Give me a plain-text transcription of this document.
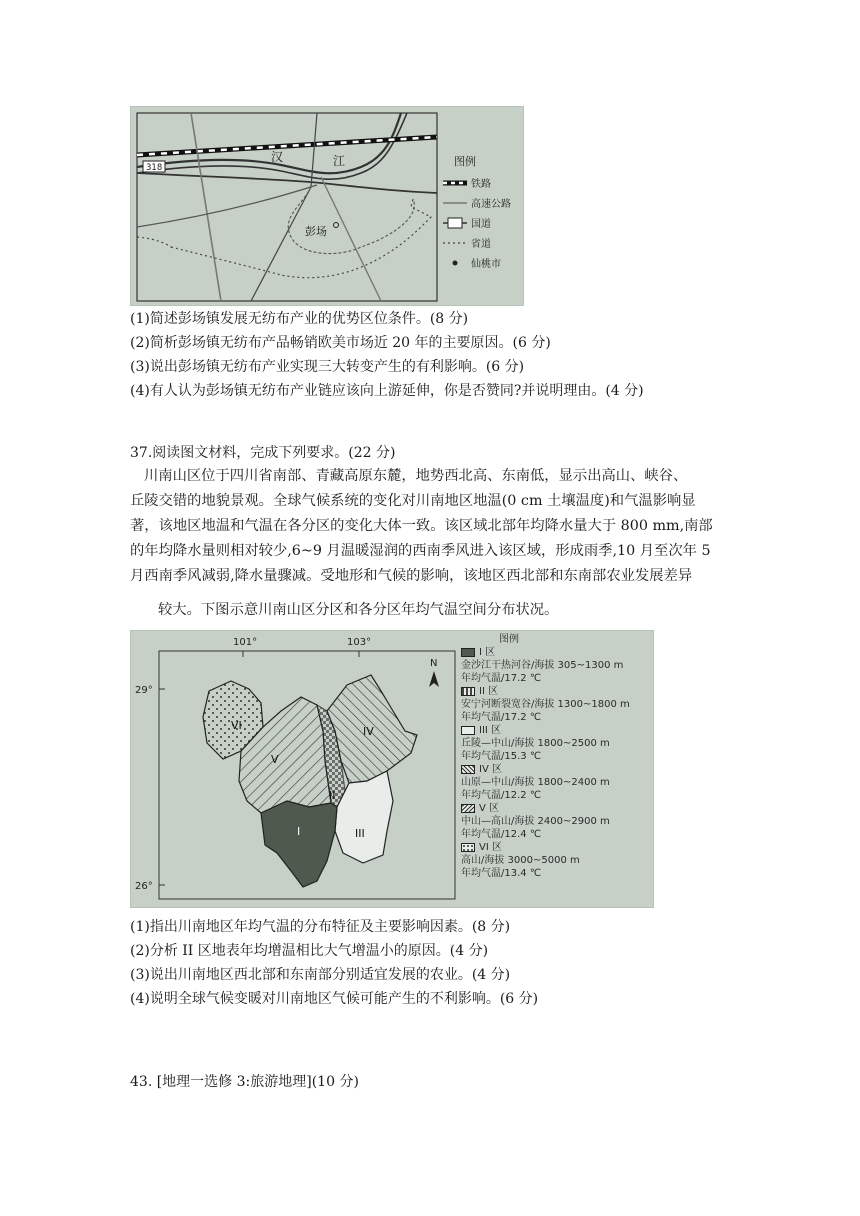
彭场
汉	江
318	图例
铁路
高速公路
国道
省道
仙桃市
(1)简述彭场镇发展无纺布产业的优势区位条件。(8 分)
(2)简析彭场镇无纺布产品畅销欧美市场近 20 年的主要原因。(6 分)
(3)说出彭场镇无纺布产业实现三大转变产生的有利影响。(6 分)
(4)有人认为彭场镇无纺布产业链应该向上游延伸，你是否赞同?并说明理由。(4 分)
37.阅读图文材料，完成下列要求。(22 分)
川南山区位于四川省南部、青藏高原东麓，地势西北高、东南低，显示出高山、峡谷、
丘陵交错的地貌景观。全球气候系统的变化对川南地区地温(0 cm 土壤温度)和气温影响显
著，该地区地温和气温在各分区的变化大体一致。该区域北部年均降水量大于 800 mm,南部
的年均降水量则相对较少,6~9 月温暖湿润的西南季风进入该区域，形成雨季,10 月至次年 5
月西南季风减弱,降水量骤减。受地形和气候的影响，该地区西北部和东南部农业发展差异
较大。下图示意川南山区分区和各分区年均气温空间分布状况。
101°	103°
29°
26°
N
VI
V
II
IV
III
I
图例
I 区
金沙江干热河谷/海拔 305~1300 m
年均气温/17.2 ℃
II 区
安宁河断裂宽谷/海拔 1300~1800 m
年均气温/17.2 ℃
III 区
丘陵—中山/海拔 1800~2500 m
年均气温/15.3 ℃
IV 区
山原—中山/海拔 1800~2400 m
年均气温/12.2 ℃
V 区
中山—高山/海拔 2400~2900 m
年均气温/12.4 ℃
VI 区
高山/海拔 3000~5000 m
年均气温/13.4 ℃
(1)指出川南地区年均气温的分布特征及主要影响因素。(8 分)
(2)分析 II 区地表年均增温相比大气增温小的原因。(4 分)
(3)说出川南地区西北部和东南部分别适宜发展的农业。(4 分)
(4)说明全球气候变暖对川南地区气候可能产生的不利影响。(6 分)
43. [地理一选修 3:旅游地理](10 分)
